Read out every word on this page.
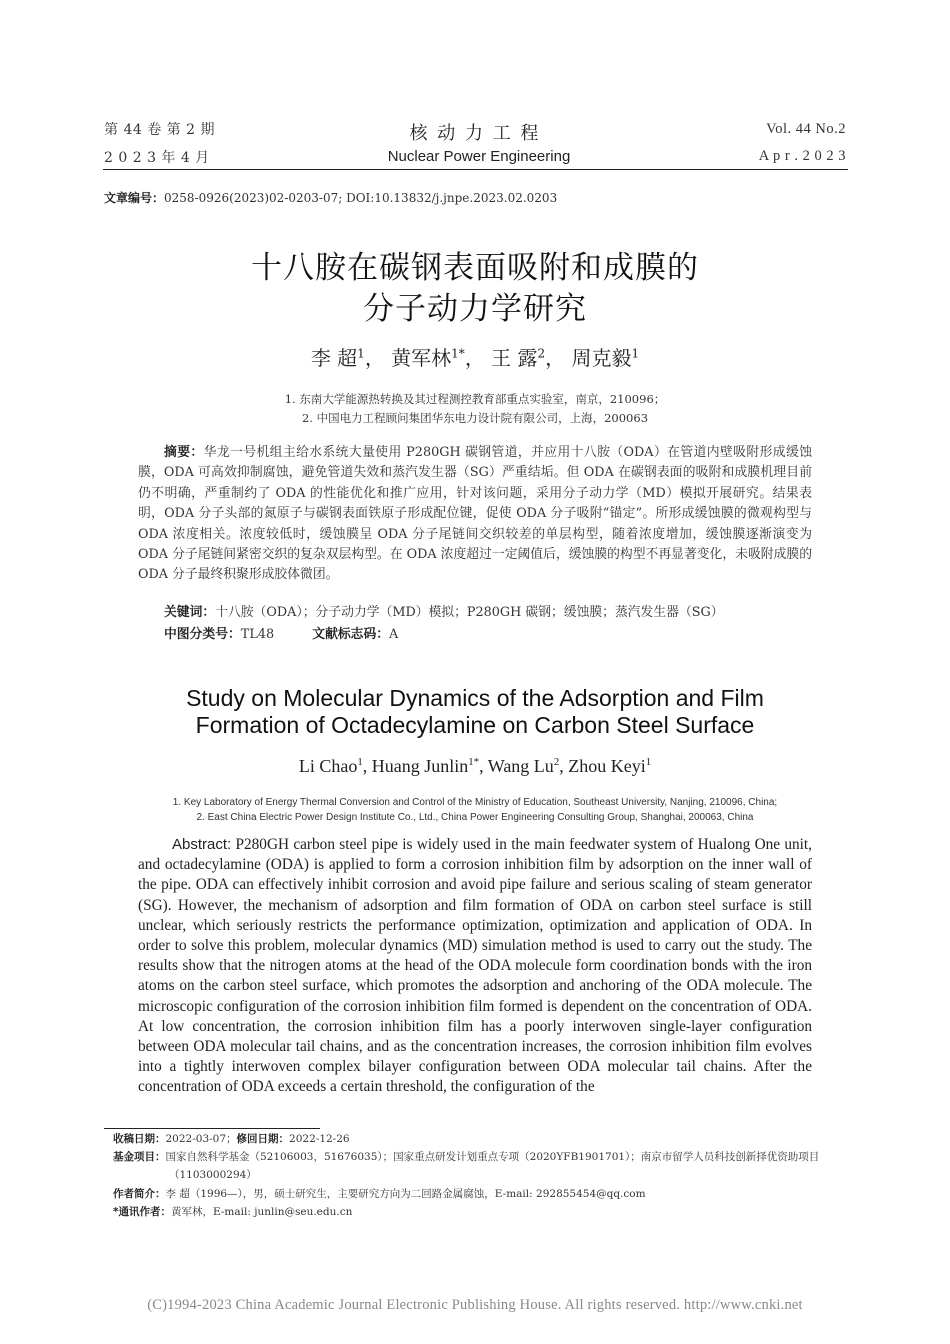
第 44 卷 第 2 期
2 0 2 3 年 4 月
核 动 力 工 程
Nuclear Power Engineering
Vol. 44 No.2
A p r . 2 0 2 3
文章编号：0258-0926(2023)02-0203-07; DOI:10.13832/j.jnpe.2023.02.0203
十八胺在碳钢表面吸附和成膜的
分子动力学研究
李 超$^1$， 黄军林$^{1*}$， 王 露$^2$， 周克毅$^1$
1. 东南大学能源热转换及其过程测控教育部重点实验室，南京，210096；
2. 中国电力工程顾问集团华东电力设计院有限公司，上海，200063
摘要：华龙一号机组主给水系统大量使用 P280GH 碳钢管道，并应用十八胺（ODA）在管道内壁吸附形成缓蚀膜，ODA 可高效抑制腐蚀，避免管道失效和蒸汽发生器（SG）严重结垢。但 ODA 在碳钢表面的吸附和成膜机理目前仍不明确，严重制约了 ODA 的性能优化和推广应用，针对该问题，采用分子动力学（MD）模拟开展研究。结果表明，ODA 分子头部的氮原子与碳钢表面铁原子形成配位键，促使 ODA 分子吸附“锚定”。所形成缓蚀膜的微观构型与 ODA 浓度相关。浓度较低时，缓蚀膜呈 ODA 分子尾链间交织较差的单层构型，随着浓度增加，缓蚀膜逐渐演变为 ODA 分子尾链间紧密交织的复杂双层构型。在 ODA 浓度超过一定阈值后，缓蚀膜的构型不再显著变化，未吸附成膜的 ODA 分子最终积聚形成胶体微团。
关键词：十八胺（ODA）；分子动力学（MD）模拟；P280GH 碳钢；缓蚀膜；蒸汽发生器（SG）
中图分类号：TL48	文献标志码：A
Study on Molecular Dynamics of the Adsorption and Film
Formation of Octadecylamine on Carbon Steel Surface
Li Chao$^1$, Huang Junlin$^{1*}$, Wang Lu$^2$, Zhou Keyi$^1$
1. Key Laboratory of Energy Thermal Conversion and Control of the Ministry of Education, Southeast University, Nanjing, 210096, China;
2. East China Electric Power Design Institute Co., Ltd., China Power Engineering Consulting Group, Shanghai, 200063, China
Abstract: P280GH carbon steel pipe is widely used in the main feedwater system of Hualong One unit, and octadecylamine (ODA) is applied to form a corrosion inhibition film by adsorption on the inner wall of the pipe. ODA can effectively inhibit corrosion and avoid pipe failure and serious scaling of steam generator (SG). However, the mechanism of adsorption and film formation of ODA on carbon steel surface is still unclear, which seriously restricts the performance optimization, optimization and application of ODA. In order to solve this problem, molecular dynamics (MD) simulation method is used to carry out the study. The results show that the nitrogen atoms at the head of the ODA molecule form coordination bonds with the iron atoms on the carbon steel surface, which promotes the adsorption and anchoring of the ODA molecule. The microscopic configuration of the corrosion inhibition film formed is dependent on the concentration of ODA. At low concentration, the corrosion inhibition film has a poorly interwoven single-layer configuration between ODA molecular tail chains, and as the concentration increases, the corrosion inhibition film evolves into a tightly interwoven complex bilayer configuration between ODA molecular tail chains. After the concentration of ODA exceeds a certain threshold, the configuration of the
收稿日期：2022-03-07；修回日期：2022-12-26
基金项目：国家自然科学基金（52106003，51676035）；国家重点研发计划重点专项（2020YFB1901701）；南京市留学人员科技创新择优资助项目（1103000294）
作者简介：李 超（1996—），男，硕士研究生，主要研究方向为二回路金属腐蚀，E-mail: 292855454@qq.com
*通讯作者：黄军林，E-mail: junlin@seu.edu.cn
(C)1994-2023 China Academic Journal Electronic Publishing House. All rights reserved. http://www.cnki.net
